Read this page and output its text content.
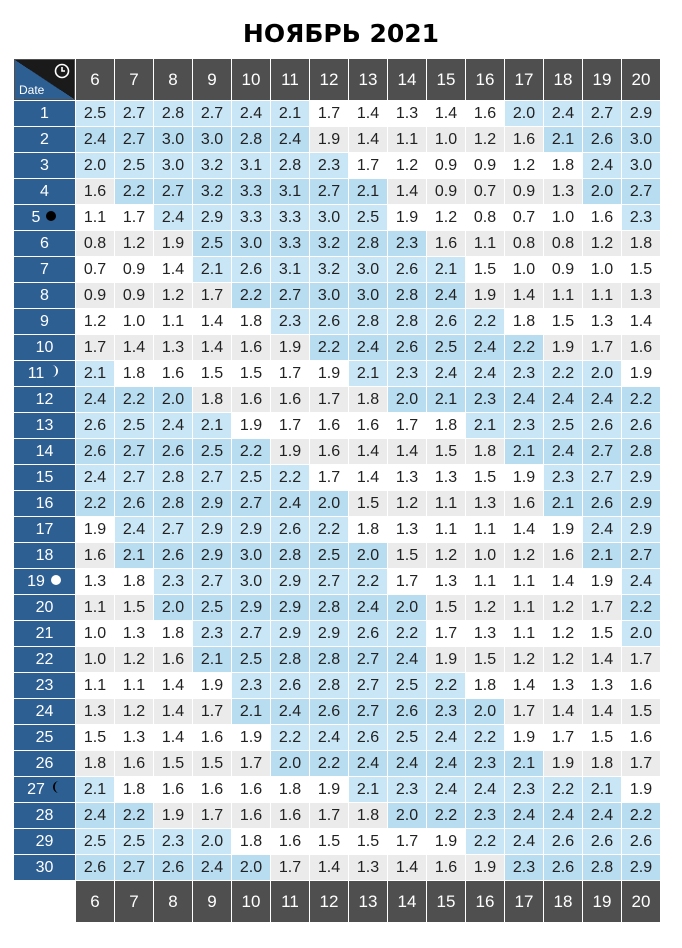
НОЯБРЬ 2021
Date
6	7	8	9	10	11	12	13	14	15	16	17	18	19	20
1	2.5	2.7	2.8	2.7	2.4	2.1	1.7	1.4	1.3	1.4	1.6	2.0	2.4	2.7	2.9
2	2.4	2.7	3.0	3.0	2.8	2.4	1.9	1.4	1.1	1.0	1.2	1.6	2.1	2.6	3.0
3	2.0	2.5	3.0	3.2	3.1	2.8	2.3	1.7	1.2	0.9	0.9	1.2	1.8	2.4	3.0
4	1.6	2.2	2.7	3.2	3.3	3.1	2.7	2.1	1.4	0.9	0.7	0.9	1.3	2.0	2.7
5	1.1	1.7	2.4	2.9	3.3	3.3	3.0	2.5	1.9	1.2	0.8	0.7	1.0	1.6	2.3
6	0.8	1.2	1.9	2.5	3.0	3.3	3.2	2.8	2.3	1.6	1.1	0.8	0.8	1.2	1.8
7	0.7	0.9	1.4	2.1	2.6	3.1	3.2	3.0	2.6	2.1	1.5	1.0	0.9	1.0	1.5
8	0.9	0.9	1.2	1.7	2.2	2.7	3.0	3.0	2.8	2.4	1.9	1.4	1.1	1.1	1.3
9	1.2	1.0	1.1	1.4	1.8	2.3	2.6	2.8	2.8	2.6	2.2	1.8	1.5	1.3	1.4
10	1.7	1.4	1.3	1.4	1.6	1.9	2.2	2.4	2.6	2.5	2.4	2.2	1.9	1.7	1.6
11	2.1	1.8	1.6	1.5	1.5	1.7	1.9	2.1	2.3	2.4	2.4	2.3	2.2	2.0	1.9
12	2.4	2.2	2.0	1.8	1.6	1.6	1.7	1.8	2.0	2.1	2.3	2.4	2.4	2.4	2.2
13	2.6	2.5	2.4	2.1	1.9	1.7	1.6	1.6	1.7	1.8	2.1	2.3	2.5	2.6	2.6
14	2.6	2.7	2.6	2.5	2.2	1.9	1.6	1.4	1.4	1.5	1.8	2.1	2.4	2.7	2.8
15	2.4	2.7	2.8	2.7	2.5	2.2	1.7	1.4	1.3	1.3	1.5	1.9	2.3	2.7	2.9
16	2.2	2.6	2.8	2.9	2.7	2.4	2.0	1.5	1.2	1.1	1.3	1.6	2.1	2.6	2.9
17	1.9	2.4	2.7	2.9	2.9	2.6	2.2	1.8	1.3	1.1	1.1	1.4	1.9	2.4	2.9
18	1.6	2.1	2.6	2.9	3.0	2.8	2.5	2.0	1.5	1.2	1.0	1.2	1.6	2.1	2.7
19	1.3	1.8	2.3	2.7	3.0	2.9	2.7	2.2	1.7	1.3	1.1	1.1	1.4	1.9	2.4
20	1.1	1.5	2.0	2.5	2.9	2.9	2.8	2.4	2.0	1.5	1.2	1.1	1.2	1.7	2.2
21	1.0	1.3	1.8	2.3	2.7	2.9	2.9	2.6	2.2	1.7	1.3	1.1	1.2	1.5	2.0
22	1.0	1.2	1.6	2.1	2.5	2.8	2.8	2.7	2.4	1.9	1.5	1.2	1.2	1.4	1.7
23	1.1	1.1	1.4	1.9	2.3	2.6	2.8	2.7	2.5	2.2	1.8	1.4	1.3	1.3	1.6
24	1.3	1.2	1.4	1.7	2.1	2.4	2.6	2.7	2.6	2.3	2.0	1.7	1.4	1.4	1.5
25	1.5	1.3	1.4	1.6	1.9	2.2	2.4	2.6	2.5	2.4	2.2	1.9	1.7	1.5	1.6
26	1.8	1.6	1.5	1.5	1.7	2.0	2.2	2.4	2.4	2.4	2.3	2.1	1.9	1.8	1.7
27	2.1	1.8	1.6	1.6	1.6	1.8	1.9	2.1	2.3	2.4	2.4	2.3	2.2	2.1	1.9
28	2.4	2.2	1.9	1.7	1.6	1.6	1.7	1.8	2.0	2.2	2.3	2.4	2.4	2.4	2.2
29	2.5	2.5	2.3	2.0	1.8	1.6	1.5	1.5	1.7	1.9	2.2	2.4	2.6	2.6	2.6
30	2.6	2.7	2.6	2.4	2.0	1.7	1.4	1.3	1.4	1.6	1.9	2.3	2.6	2.8	2.9
6	7	8	9	10	11	12	13	14	15	16	17	18	19	20
